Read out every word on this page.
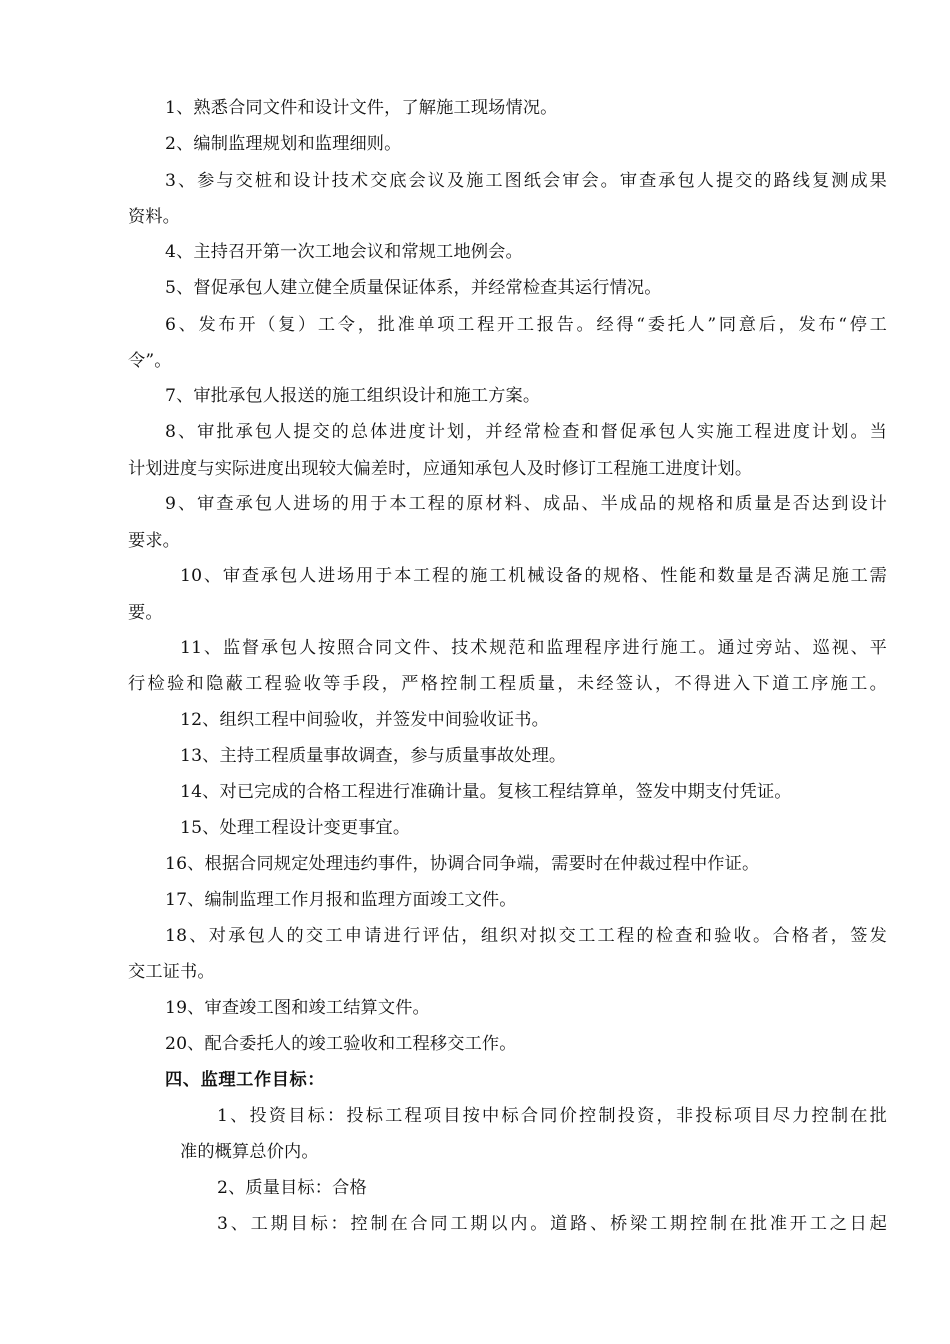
1、熟悉合同文件和设计文件，了解施工现场情况。
2、编制监理规划和监理细则。
3、参与交桩和设计技术交底会议及施工图纸会审会。审查承包人提交的路线复测成果
资料。
4、主持召开第一次工地会议和常规工地例会。
5、督促承包人建立健全质量保证体系，并经常检查其运行情况。
6、发布开（复）工令，批准单项工程开工报告。经得“委托人”同意后，发布“停工
令”。
7、审批承包人报送的施工组织设计和施工方案。
8、审批承包人提交的总体进度计划，并经常检查和督促承包人实施工程进度计划。当
计划进度与实际进度出现较大偏差时，应通知承包人及时修订工程施工进度计划。
9、审查承包人进场的用于本工程的原材料、成品、半成品的规格和质量是否达到设计
要求。
10、审查承包人进场用于本工程的施工机械设备的规格、性能和数量是否满足施工需
要。
11、监督承包人按照合同文件、技术规范和监理程序进行施工。通过旁站、巡视、平
行检验和隐蔽工程验收等手段，严格控制工程质量，未经签认，不得进入下道工序施工。
12、组织工程中间验收，并签发中间验收证书。
13、主持工程质量事故调查，参与质量事故处理。
14、对已完成的合格工程进行准确计量。复核工程结算单，签发中期支付凭证。
15、处理工程设计变更事宜。
16、根据合同规定处理违约事件，协调合同争端，需要时在仲裁过程中作证。
17、编制监理工作月报和监理方面竣工文件。
18、对承包人的交工申请进行评估，组织对拟交工工程的检查和验收。合格者，签发
交工证书。
19、审查竣工图和竣工结算文件。
20、配合委托人的竣工验收和工程移交工作。
四、监理工作目标：
1、投资目标：投标工程项目按中标合同价控制投资，非投标项目尽力控制在批
准的概算总价内。
2、质量目标：合格
3、工期目标：控制在合同工期以内。道路、桥梁工期控制在批准开工之日起
